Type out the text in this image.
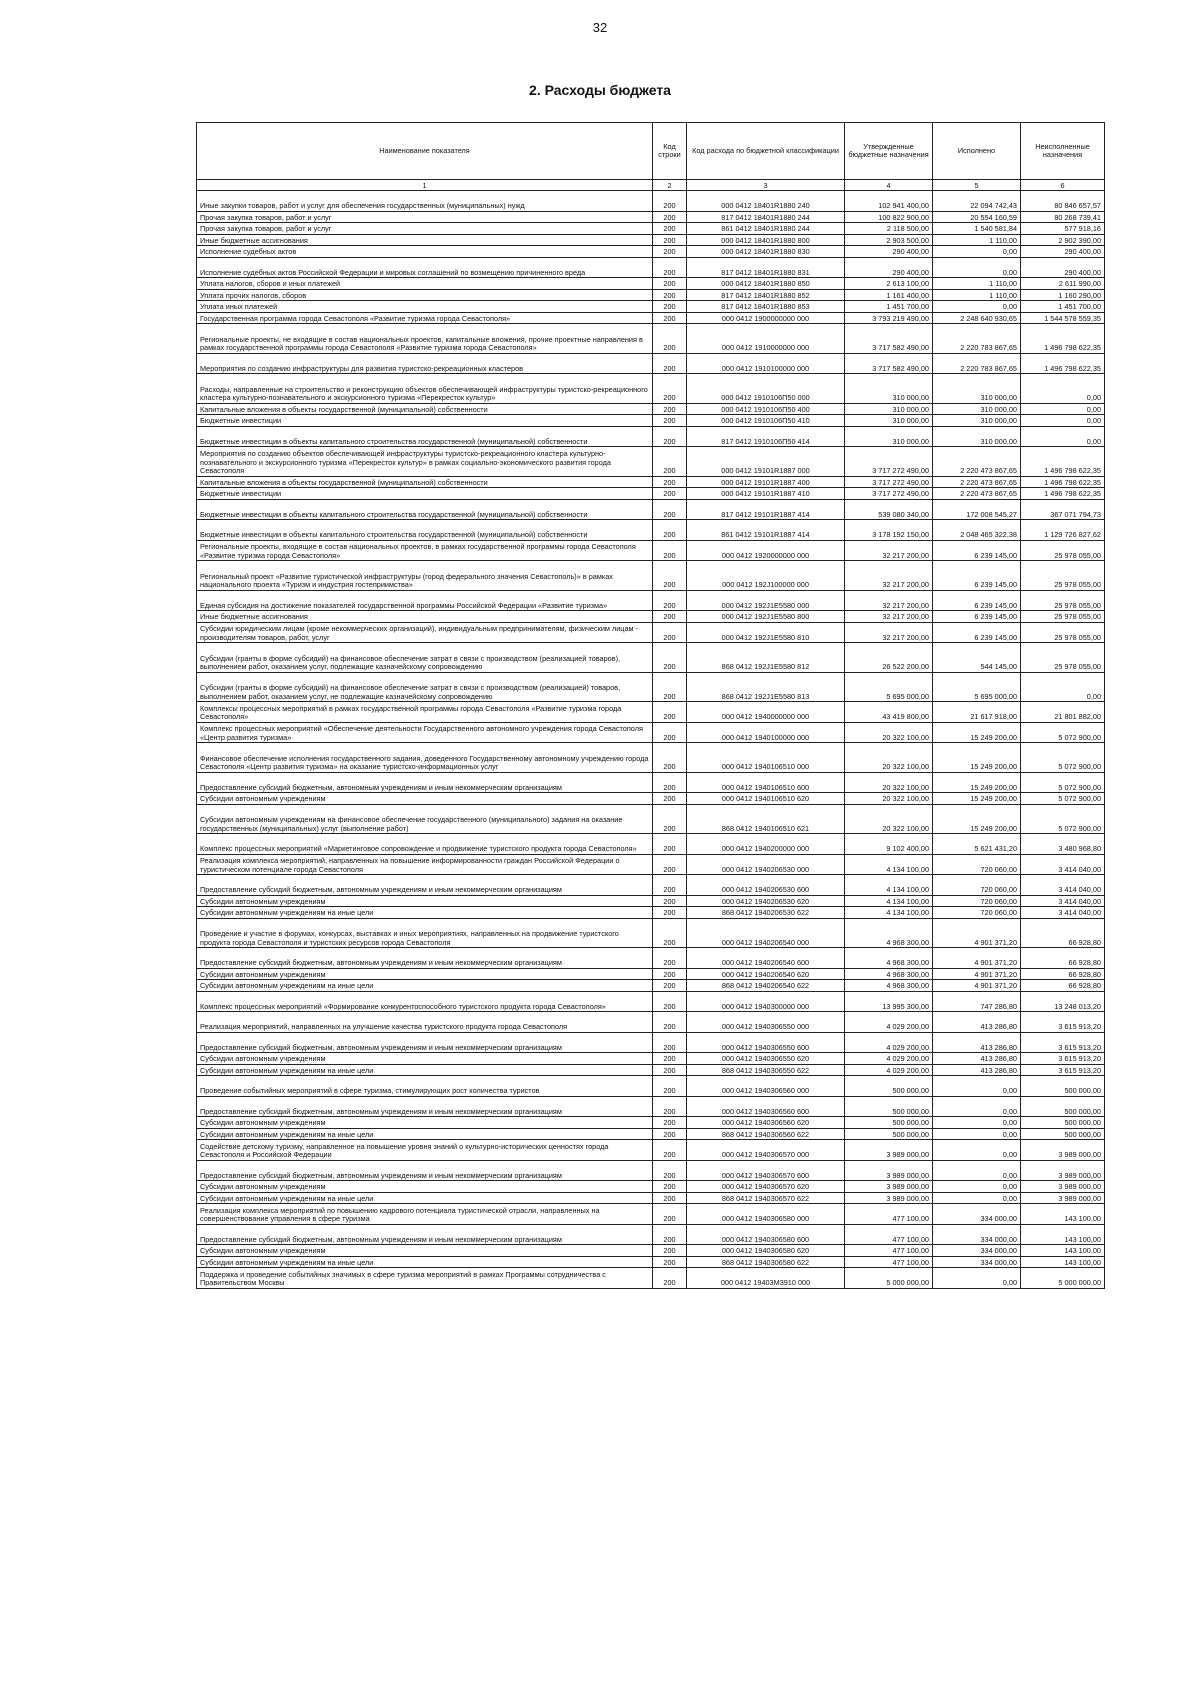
32
2. Расходы бюджета
Наименование показателя	Код строки	Код расхода по бюджетной классификации	Утвержденные бюджетные назначения	Исполнено	Неисполненные назначения
1	2	3	4	5	6
Иные закупки товаров, работ и услуг для обеспечения государственных (муниципальных) нужд	200	000 0412 18401R1880 240	102 941 400,00	22 094 742,43	80 846 657,57
Прочая закупка товаров, работ и услуг	200	817 0412 18401R1880 244	100 822 900,00	20 554 160,59	80 268 739,41
Прочая закупка товаров, работ и услуг	200	861 0412 18401R1880 244	2 118 500,00	1 540 581,84	577 918,16
Иные бюджетные ассигнования	200	000 0412 18401R1880 800	2 903 500,00	1 110,00	2 902 390,00
Исполнение судебных актов	200	000 0412 18401R1880 830	290 400,00	0,00	290 400,00
Исполнение судебных актов Российской Федерации и мировых соглашений по возмещению причиненного вреда	200	817 0412 18401R1880 831	290 400,00	0,00	290 400,00
Уплата налогов, сборов и иных платежей	200	000 0412 18401R1880 850	2 613 100,00	1 110,00	2 611 990,00
Уплата прочих налогов, сборов	200	817 0412 18401R1880 852	1 161 400,00	1 110,00	1 160 290,00
Уплата иных платежей	200	817 0412 18401R1880 853	1 451 700,00	0,00	1 451 700,00
Государственная программа города Севастополя «Развитие туризма города Севастополя»	200	000 0412 1900000000 000	3 793 219 490,00	2 248 640 930,65	1 544 578 559,35
Региональные проекты, не входящие в состав национальных проектов, капитальные вложения, прочие проектные направления в рамках государственной программы города Севастополя «Развитие туризма города Севастополя»	200	000 0412 1910000000 000	3 717 582 490,00	2 220 783 867,65	1 496 798 622,35
Мероприятия по созданию инфраструктуры для развития туристско-рекреационных кластеров	200	000 0412 1910100000 000	3 717 582 490,00	2 220 783 867,65	1 496 798 622,35
Расходы, направленные на строительство и реконструкцию объектов обеспечивающей инфраструктуры туристско-рекреационного кластера культурно-познавательного и экскурсионного туризма «Перекресток культур»	200	000 0412 1910106П50 000	310 000,00	310 000,00	0,00
Капитальные вложения в объекты государственной (муниципальной) собственности	200	000 0412 1910106П50 400	310 000,00	310 000,00	0,00
Бюджетные инвестиции	200	000 0412 1910106П50 410	310 000,00	310 000,00	0,00
Бюджетные инвестиции в объекты капитального строительства государственной (муниципальной) собственности	200	817 0412 1910106П50 414	310 000,00	310 000,00	0,00
Мероприятия по созданию объектов обеспечивающей инфраструктуры туристско-рекреационного кластера культурно-познавательного и экскурсионного туризма «Перекресток культур» в рамках социально-экономического развития города Севастополя	200	000 0412 19101R1887 000	3 717 272 490,00	2 220 473 867,65	1 496 798 622,35
Капитальные вложения в объекты государственной (муниципальной) собственности	200	000 0412 19101R1887 400	3 717 272 490,00	2 220 473 867,65	1 496 798 622,35
Бюджетные инвестиции	200	000 0412 19101R1887 410	3 717 272 490,00	2 220 473 867,65	1 496 798 622,35
Бюджетные инвестиции в объекты капитального строительства государственной (муниципальной) собственности	200	817 0412 19101R1887 414	539 080 340,00	172 008 545,27	367 071 794,73
Бюджетные инвестиции в объекты капитального строительства государственной (муниципальной) собственности	200	861 0412 19101R1887 414	3 178 192 150,00	2 048 465 322,38	1 129 726 827,62
Региональные проекты, входящие в состав национальных проектов, в рамках государственной программы города Севастополя «Развитие туризма города Севастополя»	200	000 0412 1920000000 000	32 217 200,00	6 239 145,00	25 978 055,00
Региональный проект «Развитие туристической инфраструктуры (город федерального значения Севастополь)» в рамках национального проекта «Туризм и индустрия гостеприимства»	200	000 0412 192J100000 000	32 217 200,00	6 239 145,00	25 978 055,00
Единая субсидия на достижение показателей государственной программы Российской Федерации «Развитие туризма»	200	000 0412 192J1E5580 000	32 217 200,00	6 239 145,00	25 978 055,00
Иные бюджетные ассигнования	200	000 0412 192J1E5580 800	32 217 200,00	6 239 145,00	25 978 055,00
Субсидии юридическим лицам (кроме некоммерческих организаций), индивидуальным предпринимателям, физическим лицам - производителям товаров, работ, услуг	200	000 0412 192J1E5580 810	32 217 200,00	6 239 145,00	25 978 055,00
Субсидии (гранты в форме субсидий) на финансовое обеспечение затрат в связи с производством (реализацией товаров), выполнением работ, оказанием услуг, подлежащие казначейскому сопровождению	200	868 0412 192J1E5580 812	26 522 200,00	544 145,00	25 978 055,00
Субсидии (гранты в форме субсидий) на финансовое обеспечение затрат в связи с производством (реализацией) товаров, выполнением работ, оказанием услуг, не подлежащие казначейскому сопровождению	200	868 0412 192J1E5580 813	5 695 000,00	5 695 000,00	0,00
Комплексы процессных мероприятий в рамках государственной программы города Севастополя «Развитие туризма города Севастополя»	200	000 0412 1940000000 000	43 419 800,00	21 617 918,00	21 801 882,00
Комплекс процессных мероприятий «Обеспечение деятельности Государственного автономного учреждения города Севастополя «Центр развития туризма»	200	000 0412 1940100000 000	20 322 100,00	15 249 200,00	5 072 900,00
Финансовое обеспечение исполнения государственного задания, доведенного Государственному автономному учреждению города Севастополя «Центр развития туризма» на оказание туристско-информационных услуг	200	000 0412 1940106510 000	20 322 100,00	15 249 200,00	5 072 900,00
Предоставление субсидий бюджетным, автономным учреждениям и иным некоммерческим организациям	200	000 0412 1940106510 600	20 322 100,00	15 249 200,00	5 072 900,00
Субсидии автономным учреждениям	200	000 0412 1940106510 620	20 322 100,00	15 249 200,00	5 072 900,00
Субсидии автономным учреждениям на финансовое обеспечение государственного (муниципального) задания на оказание государственных (муниципальных) услуг (выполнение работ)	200	868 0412 1940106510 621	20 322 100,00	15 249 200,00	5 072 900,00
Комплекс процессных мероприятий «Маркетинговое сопровождение и продвижение туристского продукта города Севастополя»	200	000 0412 1940200000 000	9 102 400,00	5 621 431,20	3 480 968,80
Реализация комплекса мероприятий, направленных на повышение информированности граждан Российской Федерации о туристическом потенциале города Севастополя	200	000 0412 1940206530 000	4 134 100,00	720 060,00	3 414 040,00
Предоставление субсидий бюджетным, автономным учреждениям и иным некоммерческим организациям	200	000 0412 1940206530 600	4 134 100,00	720 060,00	3 414 040,00
Субсидии автономным учреждениям	200	000 0412 1940206530 620	4 134 100,00	720 060,00	3 414 040,00
Субсидии автономным учреждениям на иные цели	200	868 0412 1940206530 622	4 134 100,00	720 060,00	3 414 040,00
Проведение и участие в форумах, конкурсах, выставках и иных мероприятиях, направленных на продвижение туристского продукта города Севастополя и туристских ресурсов города Севастополя	200	000 0412 1940206540 000	4 968 300,00	4 901 371,20	66 928,80
Предоставление субсидий бюджетным, автономным учреждениям и иным некоммерческим организациям	200	000 0412 1940206540 600	4 968 300,00	4 901 371,20	66 928,80
Субсидии автономным учреждениям	200	000 0412 1940206540 620	4 968 300,00	4 901 371,20	66 928,80
Субсидии автономным учреждениям на иные цели	200	868 0412 1940206540 622	4 968 300,00	4 901 371,20	66 928,80
Комплекс процессных мероприятий «Формирование конкурентоспособного туристского продукта города Севастополя»	200	000 0412 1940300000 000	13 995 300,00	747 286,80	13 248 013,20
Реализация мероприятий, направленных на улучшение качества туристского продукта города Севастополя	200	000 0412 1940306550 000	4 029 200,00	413 286,80	3 615 913,20
Предоставление субсидий бюджетным, автономным учреждениям и иным некоммерческим организациям	200	000 0412 1940306550 600	4 029 200,00	413 286,80	3 615 913,20
Субсидии автономным учреждениям	200	000 0412 1940306550 620	4 029 200,00	413 286,80	3 615 913,20
Субсидии автономным учреждениям на иные цели	200	868 0412 1940306550 622	4 029 200,00	413 286,80	3 615 913,20
Проведение событийных мероприятий в сфере туризма, стимулирующих рост количества туристов	200	000 0412 1940306560 000	500 000,00	0,00	500 000,00
Предоставление субсидий бюджетным, автономным учреждениям и иным некоммерческим организациям	200	000 0412 1940306560 600	500 000,00	0,00	500 000,00
Субсидии автономным учреждениям	200	000 0412 1940306560 620	500 000,00	0,00	500 000,00
Субсидии автономным учреждениям на иные цели	200	868 0412 1940306560 622	500 000,00	0,00	500 000,00
Содействие детскому туризму, направленное на повышение уровня знаний о культурно-исторических ценностях города Севастополя и Российской Федерации	200	000 0412 1940306570 000	3 989 000,00	0,00	3 989 000,00
Предоставление субсидий бюджетным, автономным учреждениям и иным некоммерческим организациям	200	000 0412 1940306570 600	3 989 000,00	0,00	3 989 000,00
Субсидии автономным учреждениям	200	000 0412 1940306570 620	3 989 000,00	0,00	3 989 000,00
Субсидии автономным учреждениям на иные цели	200	868 0412 1940306570 622	3 989 000,00	0,00	3 989 000,00
Реализация комплекса мероприятий по повышению кадрового потенциала туристической отрасли, направленных на совершенствование управления в сфере туризма	200	000 0412 1940306580 000	477 100,00	334 000,00	143 100,00
Предоставление субсидий бюджетным, автономным учреждениям и иным некоммерческим организациям	200	000 0412 1940306580 600	477 100,00	334 000,00	143 100,00
Субсидии автономным учреждениям	200	000 0412 1940306580 620	477 100,00	334 000,00	143 100,00
Субсидии автономным учреждениям на иные цели	200	868 0412 1940306580 622	477 100,00	334 000,00	143 100,00
Поддержка и проведение событийных значимых в сфере туризма мероприятий в рамках Программы сотрудничества с Правительством Москвы	200	000 0412 19403М3910 000	5 000 000,00	0,00	5 000 000,00
